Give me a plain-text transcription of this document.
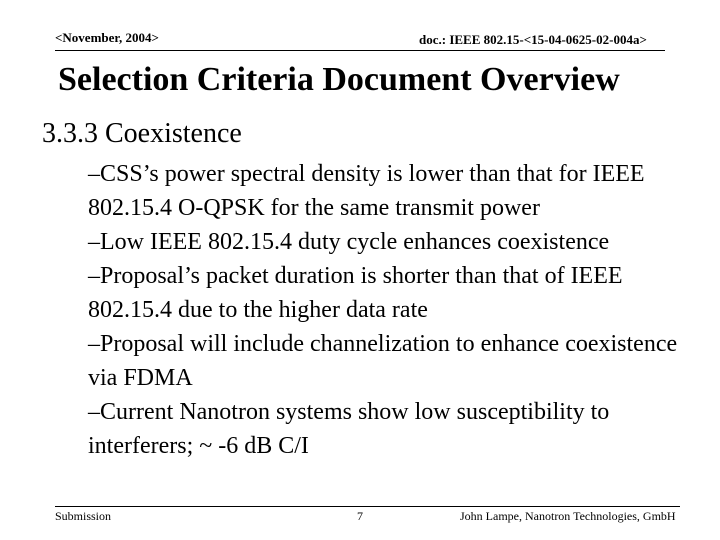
<November, 2004>	doc.: IEEE 802.15-<15-04-0625-02-004a>
Selection Criteria Document Overview
3.3.3 Coexistence
–CSS’s power spectral density is lower than that for IEEE 802.15.4 O-QPSK for the same transmit power
–Low IEEE 802.15.4 duty cycle enhances coexistence
–Proposal’s packet duration is shorter than that of IEEE 802.15.4 due to the higher data rate
–Proposal will include channelization to enhance coexistence via FDMA
–Current Nanotron systems show low susceptibility to interferers; ~ -6 dB C/I
Submission	7	John Lampe, Nanotron Technologies, GmbH
